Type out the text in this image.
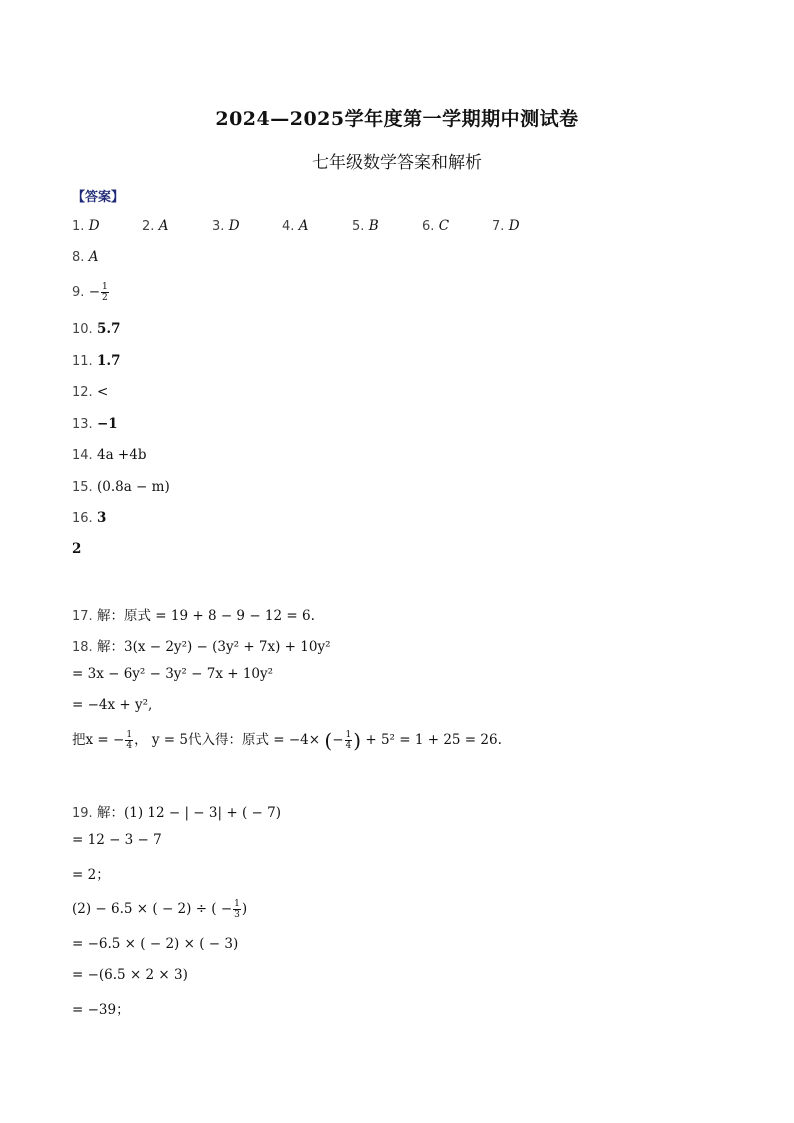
2024—2025学年度第一学期期中测试卷
七年级数学答案和解析
【答案】
1. D	2. A	3. D	4. A	5. B	6. C	7. D
8. A
9. − $\frac{1}{2}$
10. 5.7
11. 1.7
12. <
13. −1
14. 4a +4b
15. (0.8a − m)
16. 3
2
17. 解：原式 = 19 + 8 − 9 − 12 = 6.
18. 解：3(x − 2y²) − (3y² + 7x) + 10y²
= 3x − 6y² − 3y² − 7x + 10y²
= −4x + y²,
把x = − $\frac{1}{4}$ ， y = 5代入得：原式 = −4× (− $\frac{1}{4}$ ) + 5² = 1 + 25 = 26.
19. 解：(1) 12 − | − 3| + ( − 7)
= 12 − 3 − 7
= 2；
(2) − 6.5 × ( − 2) ÷ ( − $\frac{1}{3}$ )
= −6.5 × ( − 2) × ( − 3)
= −(6.5 × 2 × 3)
= −39；
